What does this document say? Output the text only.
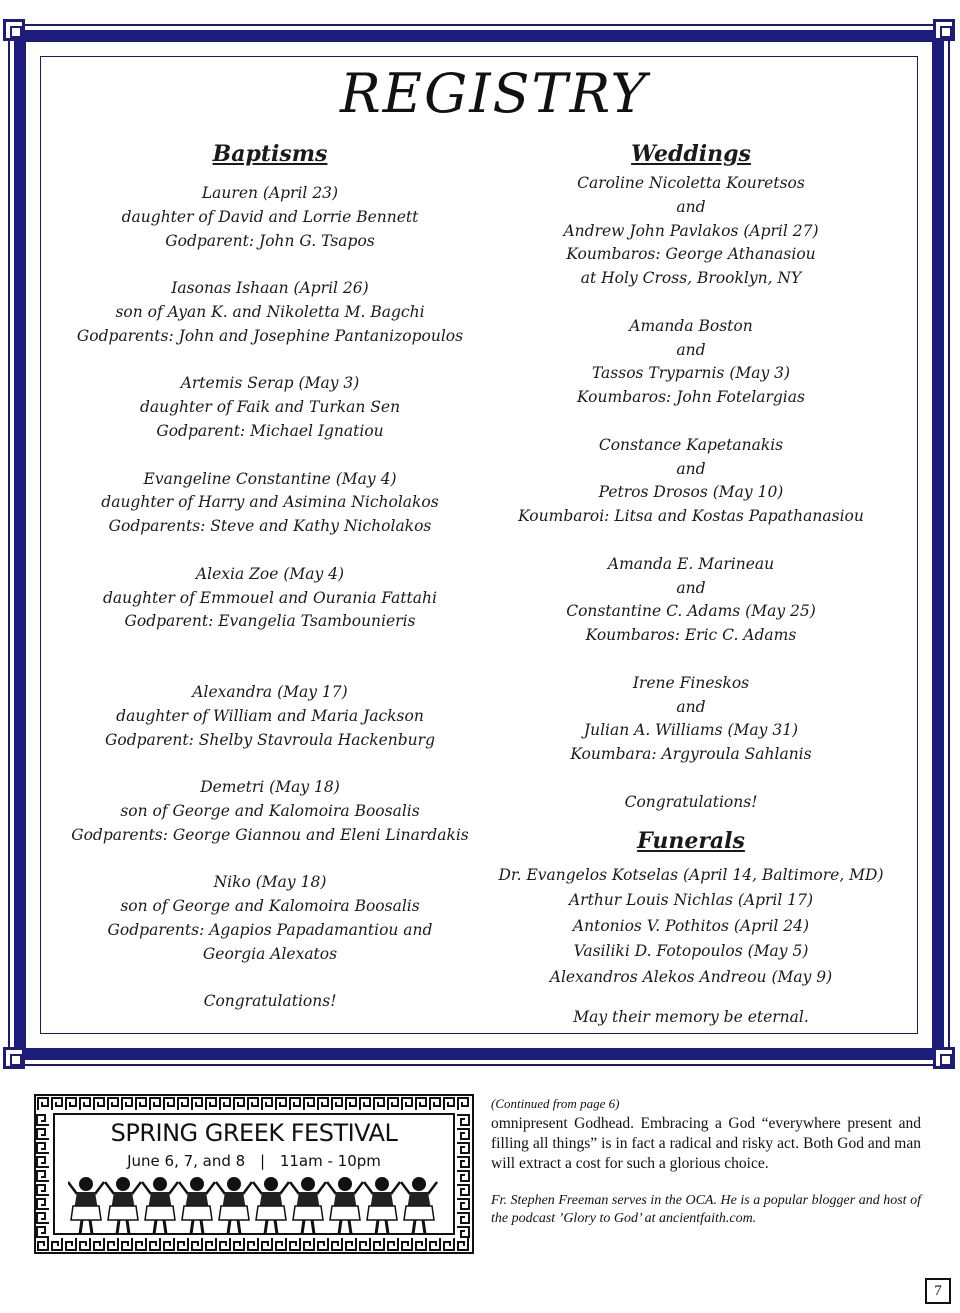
REGISTRY
Baptisms
Lauren (April 23)
daughter of David and Lorrie Bennett
Godparent: John G. Tsapos
Iasonas Ishaan (April 26)
son of Ayan K. and Nikoletta M. Bagchi
Godparents: John and Josephine Pantanizopoulos
Artemis Serap (May 3)
daughter of Faik and Turkan Sen
Godparent: Michael Ignatiou
Evangeline Constantine (May 4)
daughter of Harry and Asimina Nicholakos
Godparents: Steve and Kathy Nicholakos
Alexia Zoe (May 4)
daughter of Emmouel and Ourania Fattahi
Godparent: Evangelia Tsambounieris
Alexandra (May 17)
daughter of William and Maria Jackson
Godparent: Shelby Stavroula Hackenburg
Demetri (May 18)
son of George and Kalomoira Boosalis
Godparents: George Giannou and Eleni Linardakis
Niko (May 18)
son of George and Kalomoira Boosalis
Godparents: Agapios Papadamantiou and
Georgia Alexatos
Congratulations!
Weddings
Caroline Nicoletta Kouretsos
and
Andrew John Pavlakos (April 27)
Koumbaros: George Athanasiou
at Holy Cross, Brooklyn, NY
Amanda Boston
and
Tassos Tryparnis (May 3)
Koumbaros: John Fotelargias
Constance Kapetanakis
and
Petros Drosos (May 10)
Koumbaroi: Litsa and Kostas Papathanasiou
Amanda E. Marineau
and
Constantine C. Adams (May 25)
Koumbaros: Eric C. Adams
Irene Fineskos
and
Julian A. Williams (May 31)
Koumbara: Argyroula Sahlanis
Congratulations!
Funerals
Dr. Evangelos Kotselas (April 14, Baltimore, MD)
Arthur Louis Nichlas (April 17)
Antonios V. Pothitos (April 24)
Vasiliki D. Fotopoulos (May 5)
Alexandros Alekos Andreou (May 9)
May their memory be eternal.
SPRING GREEK FESTIVAL
June 6, 7, and 8 | 11am - 10pm
(Continued from page 6)
omnipresent Godhead. Embracing a God “everywhere present and filling all things” is in fact a radical and risky act. Both God and man will extract a cost for such a glorious choice.
Fr. Stephen Freeman serves in the OCA. He is a popular blogger and host of the podcast ’Glory to God’ at ancientfaith.com.
7
